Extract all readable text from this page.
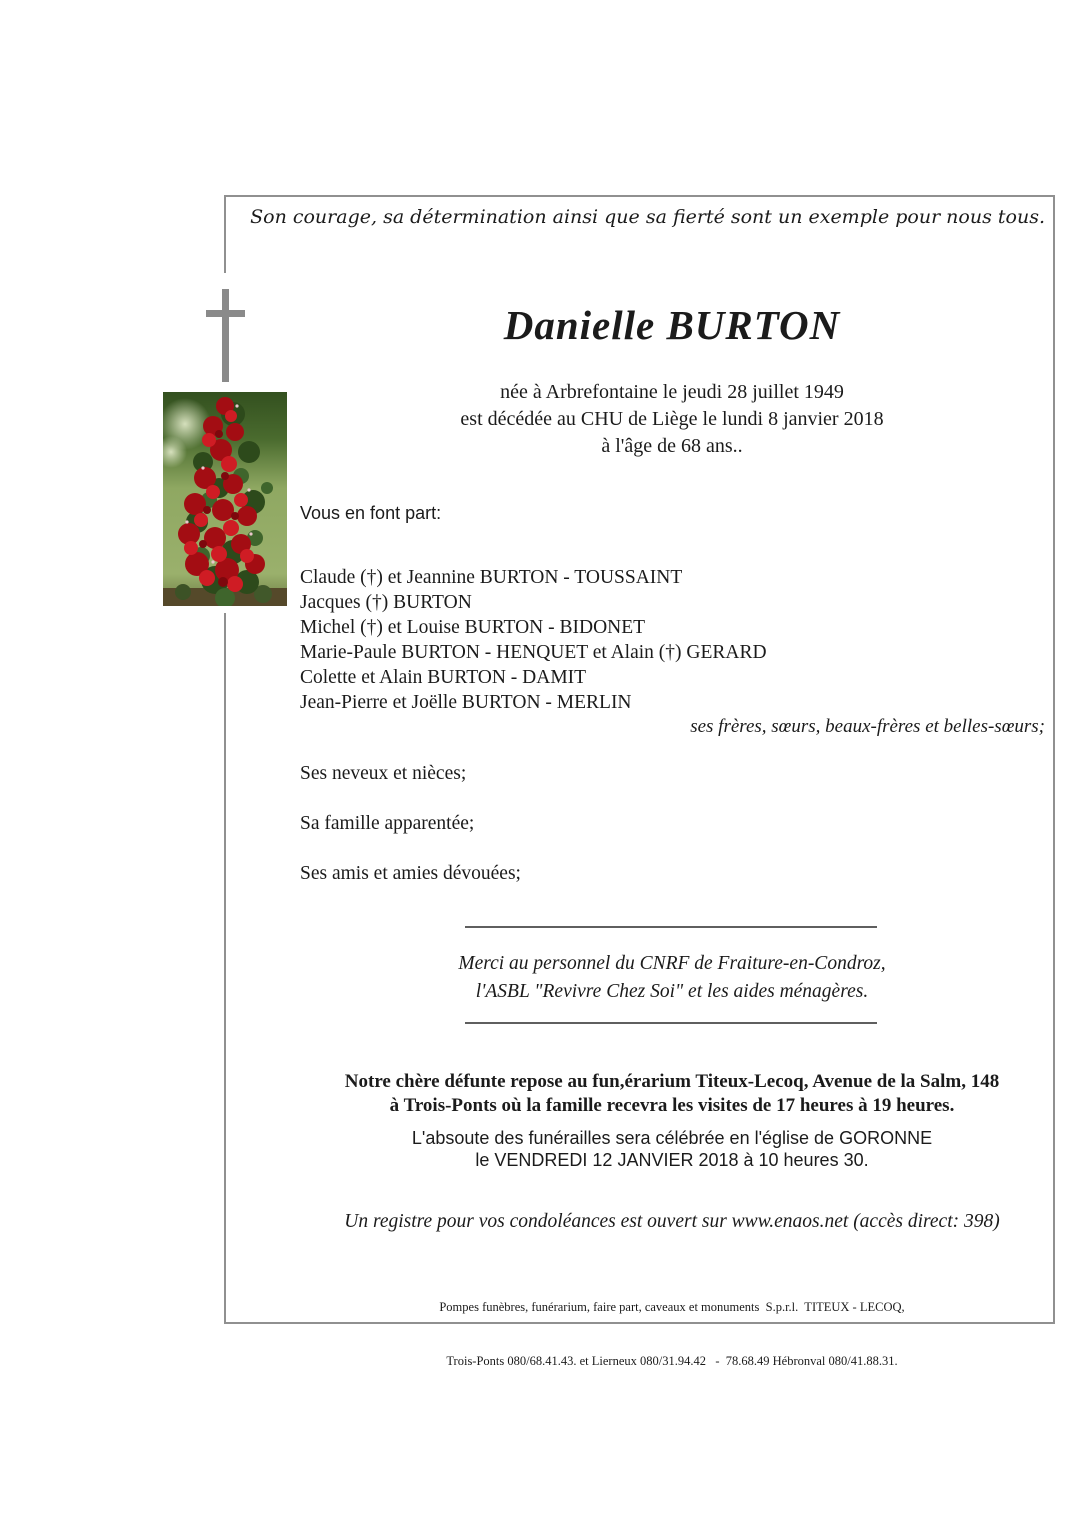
Son courage, sa détermination ainsi que sa fierté sont un exemple pour nous tous.
Danielle BURTON
née à Arbrefontaine le jeudi 28 juillet 1949
est décédée au CHU de Liège le lundi 8 janvier 2018
à l'âge de 68 ans..
Vous en font part:
Claude (†) et Jeannine BURTON - TOUSSAINT
Jacques (†) BURTON
Michel (†) et Louise BURTON - BIDONET
Marie-Paule BURTON - HENQUET et Alain (†) GERARD
Colette et Alain BURTON - DAMIT
Jean-Pierre et Joëlle BURTON - MERLIN
ses frères, sœurs, beaux-frères et belles-sœurs;
Ses neveux et nièces;
Sa famille apparentée;
Ses amis et amies dévouées;
Merci au personnel du CNRF de Fraiture-en-Condroz,
l'ASBL "Revivre Chez Soi" et les aides ménagères.
Notre chère défunte repose au fun,érarium Titeux-Lecoq, Avenue de la Salm, 148
à Trois-Ponts où la famille recevra les visites de 17 heures à 19 heures.
L'absoute des funérailles sera célébrée en l'église de GORONNE
le VENDREDI 12 JANVIER 2018 à 10 heures 30.
Un registre pour vos condoléances est ouvert sur www.enaos.net (accès direct: 398)

Pompes funèbres, funérarium, faire part, caveaux et monuments  S.p.r.l.  TITEUX - LECOQ,

Trois-Ponts 080/68.41.43. et Lierneux 080/31.94.42   -  78.68.49 Hébronval 080/41.88.31.
